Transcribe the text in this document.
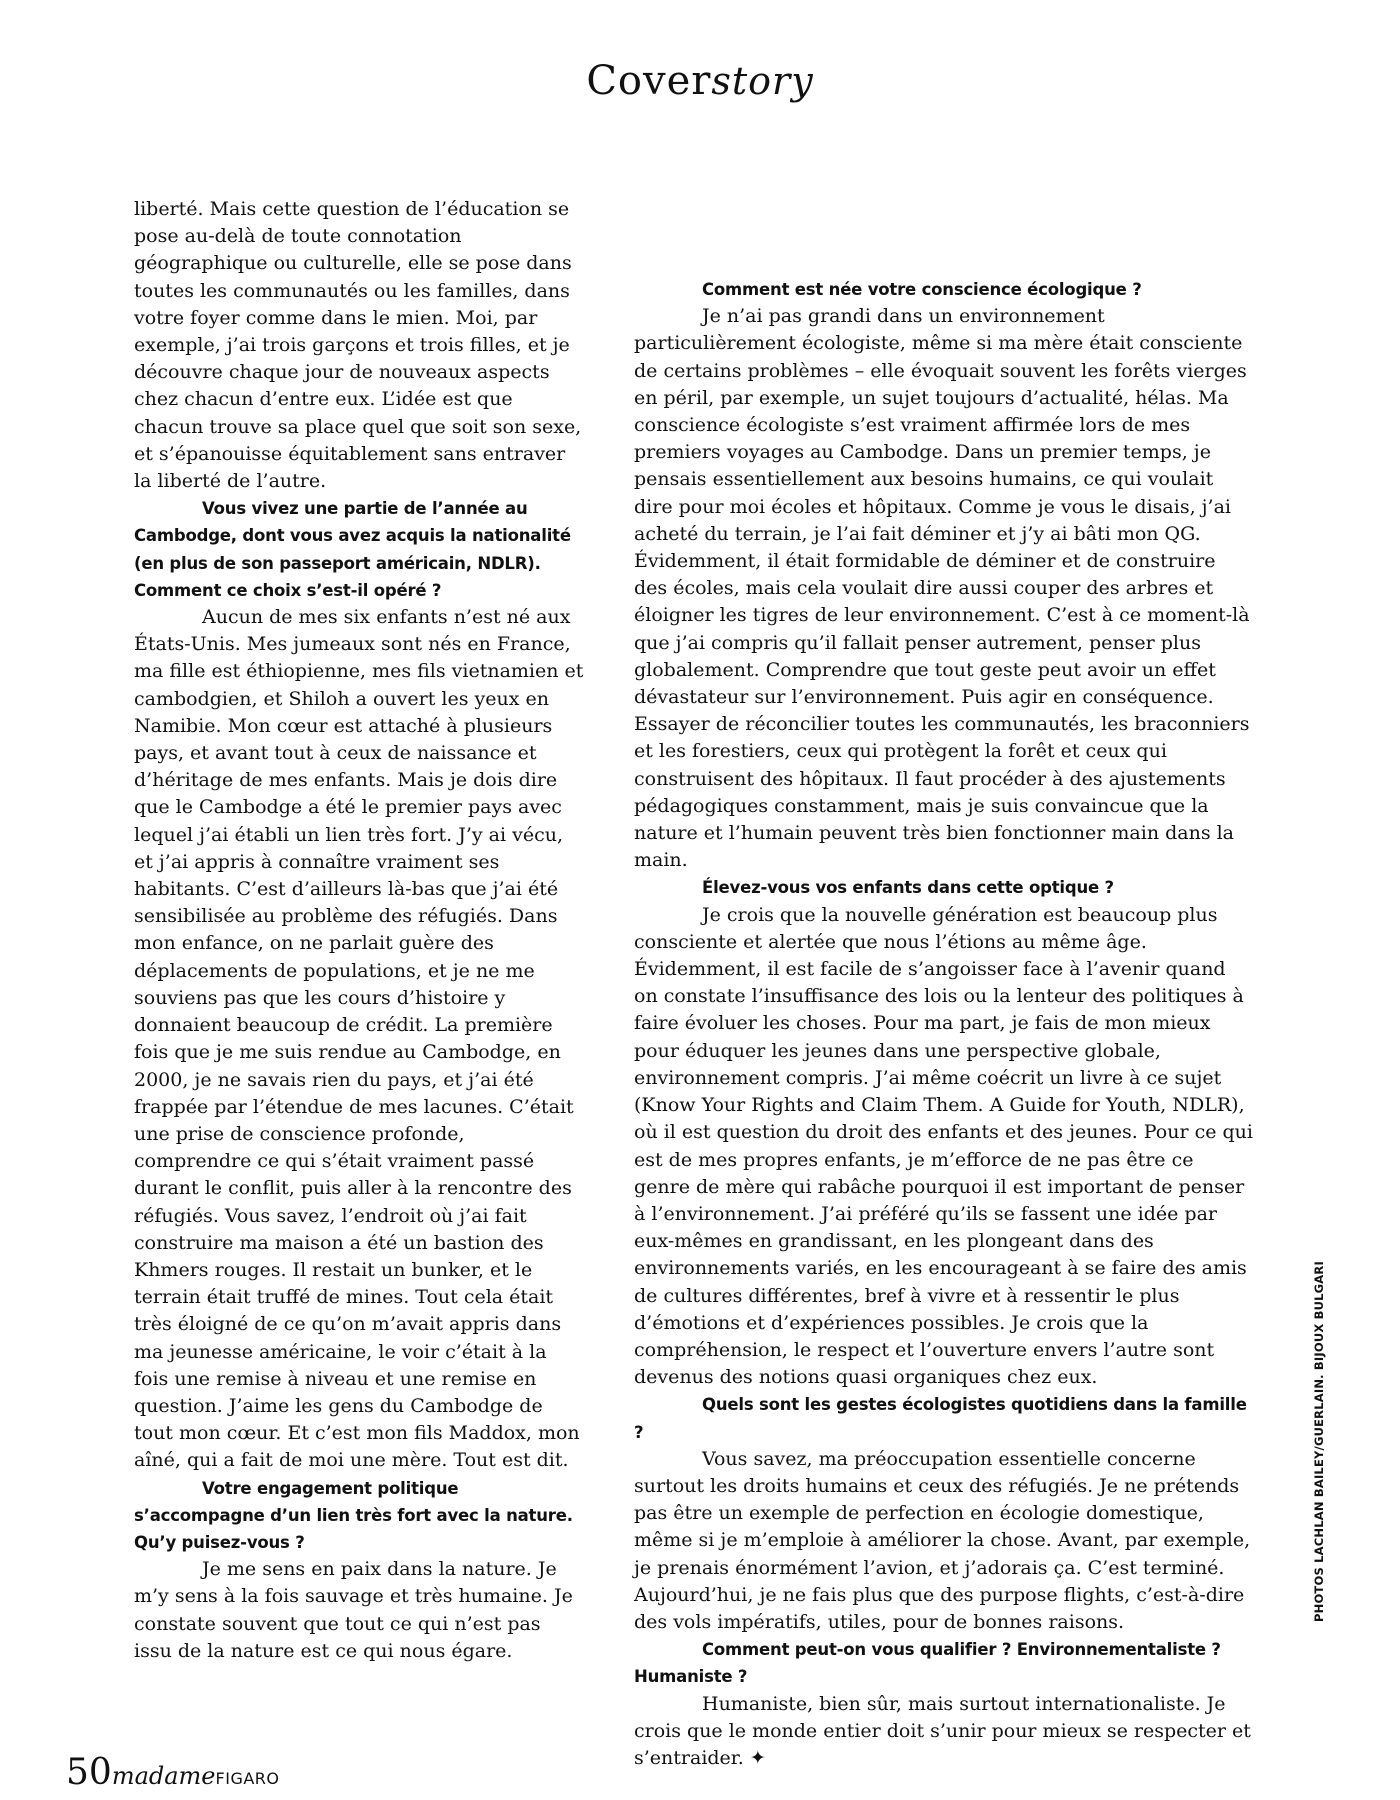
Coverstory

liberté. Mais cette question de l’éducation se pose au-delà de toute connotation géographique ou culturelle, elle se pose dans toutes les communautés ou les familles, dans votre foyer comme dans le mien. Moi, par exemple, j’ai trois garçons et trois filles, et je découvre chaque jour de nouveaux aspects chez chacun d’entre eux. L’idée est que chacun trouve sa place quel que soit son sexe, et s’épanouisse équitablement sans entraver la liberté de l’autre.

Vous vivez une partie de l’année au Cambodge, dont vous avez acquis la nationalité (en plus de son passeport américain, NDLR). Comment ce choix s’est-il opéré ?

Aucun de mes six enfants n’est né aux États-Unis. Mes jumeaux sont nés en France, ma fille est éthiopienne, mes fils vietnamien et cambodgien, et Shiloh a ouvert les yeux en Namibie. Mon cœur est attaché à plusieurs pays, et avant tout à ceux de naissance et d’héritage de mes enfants. Mais je dois dire que le Cambodge a été le premier pays avec lequel j’ai établi un lien très fort. J’y ai vécu, et j’ai appris à connaître vraiment ses habitants. C’est d’ailleurs là-bas que j’ai été sensibilisée au problème des réfugiés. Dans mon enfance, on ne parlait guère des déplacements de populations, et je ne me souviens pas que les cours d’histoire y donnaient beaucoup de crédit. La première fois que je me suis rendue au Cambodge, en 2000, je ne savais rien du pays, et j’ai été frappée par l’étendue de mes lacunes. C’était une prise de conscience profonde, comprendre ce qui s’était vraiment passé durant le conflit, puis aller à la rencontre des réfugiés. Vous savez, l’endroit où j’ai fait construire ma maison a été un bastion des Khmers rouges. Il restait un bunker, et le terrain était truffé de mines. Tout cela était très éloigné de ce qu’on m’avait appris dans ma jeunesse américaine, le voir c’était à la fois une remise à niveau et une remise en question. J’aime les gens du Cambodge de tout mon cœur. Et c’est mon fils Maddox, mon aîné, qui a fait de moi une mère. Tout est dit.

Votre engagement politique s’accompagne d’un lien très fort avec la nature. Qu’y puisez-vous ?

Je me sens en paix dans la nature. Je m’y sens à la fois sauvage et très humaine. Je constate souvent que tout ce qui n’est pas issu de la nature est ce qui nous égare.

Comment est née votre conscience écologique ?

Je n’ai pas grandi dans un environnement particulièrement écologiste, même si ma mère était consciente de certains problèmes – elle évoquait souvent les forêts vierges en péril, par exemple, un sujet toujours d’actualité, hélas. Ma conscience écologiste s’est vraiment affirmée lors de mes premiers voyages au Cambodge. Dans un premier temps, je pensais essentiellement aux besoins humains, ce qui voulait dire pour moi écoles et hôpitaux. Comme je vous le disais, j’ai acheté du terrain, je l’ai fait déminer et j’y ai bâti mon QG. Évidemment, il était formidable de déminer et de construire des écoles, mais cela voulait dire aussi couper des arbres et éloigner les tigres de leur environnement. C’est à ce moment-là que j’ai compris qu’il fallait penser autrement, penser plus globalement. Comprendre que tout geste peut avoir un effet dévastateur sur l’environnement. Puis agir en conséquence. Essayer de réconcilier toutes les communautés, les braconniers et les forestiers, ceux qui protègent la forêt et ceux qui construisent des hôpitaux. Il faut procéder à des ajustements pédagogiques constamment, mais je suis convaincue que la nature et l’humain peuvent très bien fonctionner main dans la main.

Élevez-vous vos enfants dans cette optique ?

Je crois que la nouvelle génération est beaucoup plus consciente et alertée que nous l’étions au même âge. Évidemment, il est facile de s’angoisser face à l’avenir quand on constate l’insuffisance des lois ou la lenteur des politiques à faire évoluer les choses. Pour ma part, je fais de mon mieux pour éduquer les jeunes dans une perspective globale, environnement compris. J’ai même coécrit un livre à ce sujet (Know Your Rights and Claim Them. A Guide for Youth, NDLR), où il est question du droit des enfants et des jeunes. Pour ce qui est de mes propres enfants, je m’efforce de ne pas être ce genre de mère qui rabâche pourquoi il est important de penser à l’environnement. J’ai préféré qu’ils se fassent une idée par eux-mêmes en grandissant, en les plongeant dans des environnements variés, en les encourageant à se faire des amis de cultures différentes, bref à vivre et à ressentir le plus d’émotions et d’expériences possibles. Je crois que la compréhension, le respect et l’ouverture envers l’autre sont devenus des notions quasi organiques chez eux.

Quels sont les gestes écologistes quotidiens dans la famille ?

Vous savez, ma préoccupation essentielle concerne surtout les droits humains et ceux des réfugiés. Je ne prétends pas être un exemple de perfection en écologie domestique, même si je m’emploie à améliorer la chose. Avant, par exemple, je prenais énormément l’avion, et j’adorais ça. C’est terminé. Aujourd’hui, je ne fais plus que des purpose flights, c’est-à-dire des vols impératifs, utiles, pour de bonnes raisons.

Comment peut-on vous qualifier ? Environnementaliste ? Humaniste ?

Humaniste, bien sûr, mais surtout internationaliste. Je crois que le monde entier doit s’unir pour mieux se respecter et s’entraider. ✦

PHOTOS LACHLAN BAILEY/GUERLAIN. BIJOUX BULGARI
50madameFIGARO
